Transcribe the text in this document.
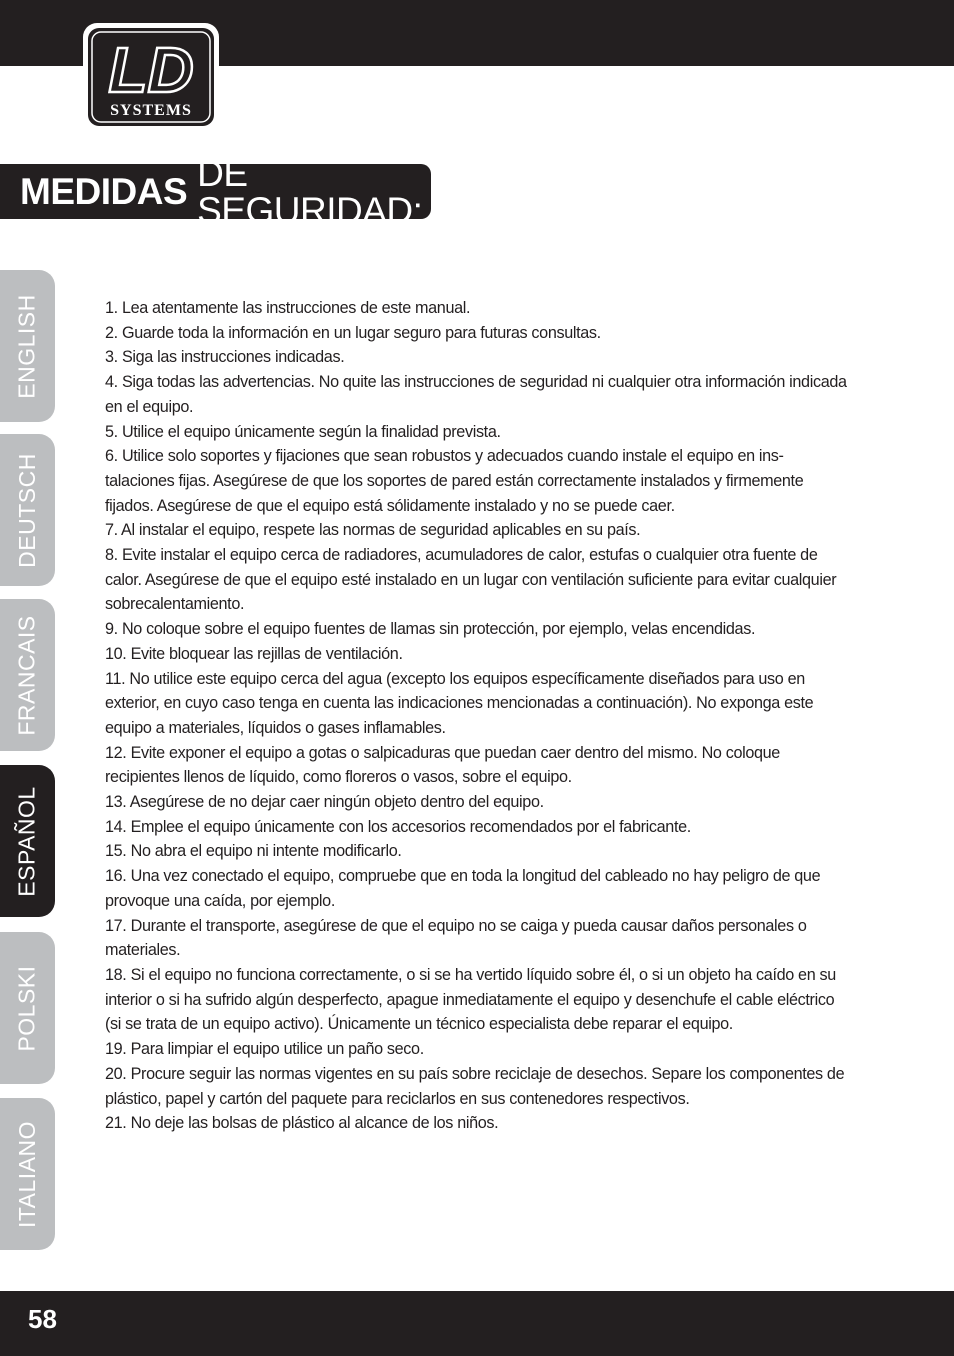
LD
SYSTEMS
MEDIDAS DE SEGURIDAD:
ENGLISH
DEUTSCH
FRANCAIS
ESPAÑOL
POLSKI
ITALIANO

1. Lea atentamente las instrucciones de este manual.

2. Guarde toda la información en un lugar seguro para futuras consultas.

3. Siga las instrucciones indicadas.

4. Siga todas las advertencias. No quite las instrucciones de seguridad ni cualquier otra información indicada en el equipo.

5. Utilice el equipo únicamente según la finalidad prevista.

6. Utilice solo soportes y fijaciones que sean robustos y adecuados cuando instale el equipo en ins-talaciones fijas. Asegúrese de que los soportes de pared están correctamente instalados y firmemente fijados. Asegúrese de que el equipo está sólidamente instalado y no se puede caer.

7. Al instalar el equipo, respete las normas de seguridad aplicables en su país.

8. Evite instalar el equipo cerca de radiadores, acumuladores de calor, estufas o cualquier otra fuente de calor. Asegúrese de que el equipo esté instalado en un lugar con ventilación suficiente para evitar cualquier sobrecalentamiento.

9. No coloque sobre el equipo fuentes de llamas sin protección, por ejemplo, velas encendidas.

10. Evite bloquear las rejillas de ventilación.

11. No utilice este equipo cerca del agua (excepto los equipos específicamente diseñados para uso en exterior, en cuyo caso tenga en cuenta las indicaciones mencionadas a continuación). No exponga este equipo a materiales, líquidos o gases inflamables.

12. Evite exponer el equipo a gotas o salpicaduras que puedan caer dentro del mismo. No coloque recipientes llenos de líquido, como floreros o vasos, sobre el equipo.

13. Asegúrese de no dejar caer ningún objeto dentro del equipo.

14. Emplee el equipo únicamente con los accesorios recomendados por el fabricante.

15. No abra el equipo ni intente modificarlo.

16. Una vez conectado el equipo, compruebe que en toda la longitud del cableado no hay peligro de que provoque una caída, por ejemplo.

17. Durante el transporte, asegúrese de que el equipo no se caiga y pueda causar daños personales o materiales.

18. Si el equipo no funciona correctamente, o si se ha vertido líquido sobre él, o si un objeto ha caído en su interior o si ha sufrido algún desperfecto, apague inmediatamente el equipo y desenchufe el cable eléctrico (si se trata de un equipo activo). Únicamente un técnico especialista debe reparar el equipo.

19. Para limpiar el equipo utilice un paño seco.

20. Procure seguir las normas vigentes en su país sobre reciclaje de desechos. Separe los componentes de plástico, papel y cartón del paquete para reciclarlos en sus contenedores respectivos.

21. No deje las bolsas de plástico al alcance de los niños.

58
